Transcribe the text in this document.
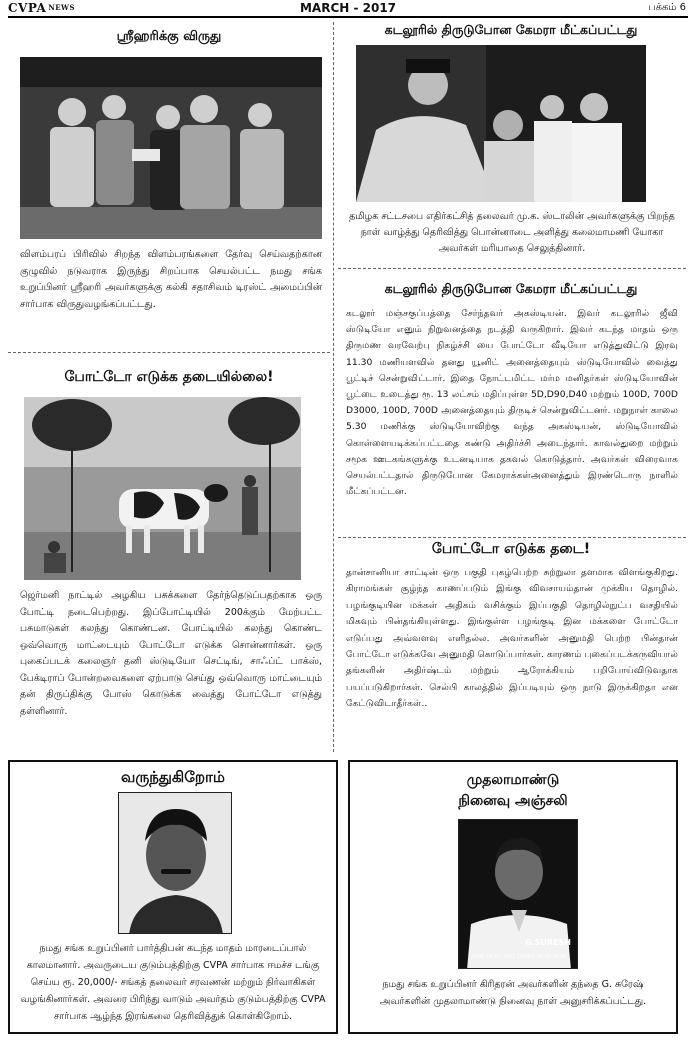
CVPA NEWS	MARCH - 2017	பக்கம் 6
ஸ்ரீஹரிக்கு விருது
விளம்பரப் பிரிவில் சிறந்த விளம்பரங்களை தேர்வு செய்வதற்கான குழுவில் நடுவராக இருந்து சிறப்பாக செயல்பட்ட நமது சங்க உறுப்பினர் ஸ்ரீஹரி அவர்களுக்கு கல்கி சதாசிவம் டிரஸ்ட் அமைப்பின் சார்பாக விருதுவழங்கப்பட்டது.
போட்டோ எடுக்க தடையில்லை!
ஜெர்மனி நாட்டில் அழகிய பசுக்களை தேர்ந்தெடுப்பதற்காக ஒரு போட்டி நடைபெற்றது. இப்போட்டியில் 200க்கும் மேற்பட்ட பசுமாடுகள் கலந்து கொண்டன. போட்டியில் கலந்து கொண்ட ஒவ்வொரு மாட்டையும் போட்டோ எடுக்க சொன்னார்கள். ஒரு புகைப்படக் கலைஞர் தனி ஸ்டுடியோ செட்டிங், சாஃப்ட் பாக்ஸ், பேக்டிராப் போன்றவைகளை ஏற்பாடு செய்து ஒவ்வொரு மாட்டையும் தன் திருப்திக்கு போஸ் கொடுக்க வைத்து போட்டோ எடுத்து தள்ளினார்.
கடலூரில் திருடுபோன கேமரா மீட்கப்பட்டது
தமிழக சட்டசபை எதிர்கட்சித் தலைவர் மு.க. ஸ்டாலின் அவர்களுக்கு பிறந்த நாள் வாழ்த்து தெரிவித்து பொன்னாடை அளித்து கலைமாமணி யோகா அவர்கள் மரியாதை செலுத்தினார்.
கடலூரில் திருடுபோன கேமரா மீட்கப்பட்டது
கடலூர் மஞ்சகுப்பத்தை சேர்ந்தவர் அகஸ்டியன். இவர் கடலூரில் ஜீவி ஸ்டுடியோ எனும் நிறுவனத்தை நடத்தி வருகிறார். இவர் கடந்த மாதம் ஒரு திருமண வரவேற்பு நிகழ்ச்சி யை போட்டோ வீடியோ எடுத்துவிட்டு இரவு 11.30 மணியளவில் தனது யூனிட் அனைத்தையும் ஸ்டுடியோவில் வைத்து பூட்டிச் சென்றுவிட்டார். இதை நோட்டமிட்ட மர்ம மனிதர்கள் ஸ்டுடியோவின் பூட்டை உடைத்து ரூ. 13 லட்சம் மதிப்புள்ள 5D,D90,D40 மற்றும் 100D, 700D D3000, 100D, 700D அனைத்தையும் திருடிச் சென்றுவிட்டனர். மறுநாள் காலை 5.30 மணிக்கு ஸ்டுடியோவிற்கு வந்த அகஸ்டியன், ஸ்டுடியோவில் கொள்ளையடிக்கப்பட்டதை கண்டு அதிர்ச்சி அடைந்தார். காவல்துறை மற்றும் சமூக ஊடகங்களுக்கு உடனடியாக தகவல் கொடுத்தார். அவர்கள் விரைவாக செயல்பட்டதால் திருடுபோன கேமராக்கள்அனைத்தும் இரண்டொரு நாளில் மீட்கப்பட்டன.
போட்டோ எடுக்க தடை!
தான்சானியா சாட்டின் ஒரு பகுதி புகழ்பெற்ற சுற்றுலா தளமாக விளங்குகிறது. கிராமங்கள் சூழ்ந்த காணப்படும் இங்கு விவசாயம்தான் முக்கிய தொழில். பழங்குடியின மக்கள் அதிகம் வசிக்கும் இப்பகுதி தொழில்நுட்ப வசதியில் மிகவும் பின்தங்கியுள்ளது. இங்குள்ள பழங்குடி இன மக்களை போட்டோ எடுப்பது அவ்வளவு எளிதல்ல. அவர்களின் அனுமதி பெற்ற பின்தான் போட்டோ எடுக்கவே அனுமதி கொடுப்பார்கள். காரணம் புகைப்படக்கருவியால் தங்களின் அதிர்ஷ்டம் மற்றும் ஆரோக்கியம் பறிபோய்விடுவதாக பயப்படுகிறார்கள். செல்பி காலத்தில் இப்படியும் ஒரு நாடு இருக்கிறதா என கேட்டுவிடாதீர்கள்..
வருந்துகிறோம்
நமது சங்க உறுப்பினர் பார்த்திபன் கடந்த மாதம் மாரடைப்பால் காலமானார். அவருடைய குடும்பத்திற்கு CVPA சார்பாக ஈமச்ச டங்கு செய்ய ரூ. 20,000/- சங்கத் தலைவர் சரவணன் மற்றும் நிர்வாகிகள் வழங்கினார்கள். அவரை பிரிந்து வாடும் அவர்தம் குடும்பத்திற்கு CVPA சார்பாக ஆழ்ந்த இரங்கலை தெரிவித்துக் கொள்கிறோம்.
முதலாமாண்டு
நினைவு அஞ்சலி
G.SURESH
DOB: 01.07.1961 DEATH: 05.03.2016
நமது சங்க உறுப்பினர் கிரிதரன் அவர்களின் தந்தை G. சுரேஷ் அவர்களின் முதலாமாண்டு நினைவு நாள் அனுசரிக்கப்பட்டது.
